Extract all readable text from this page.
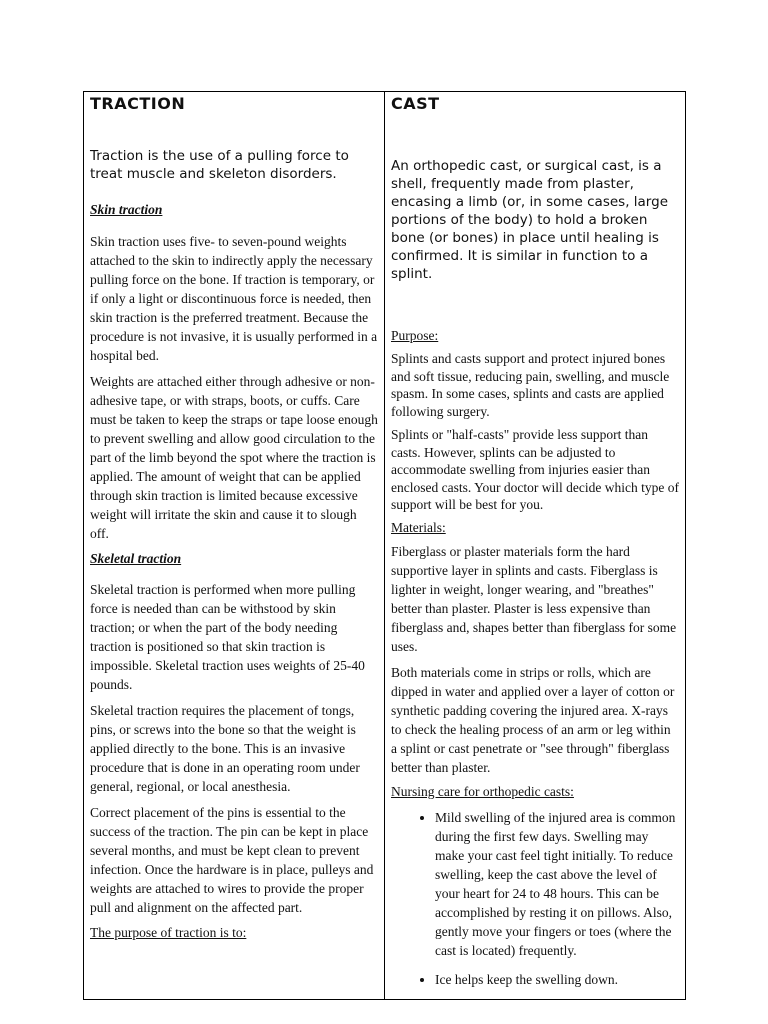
TRACTION

Traction is the use of a pulling force to treat muscle and skeleton disorders.

Skin traction

Skin traction uses five- to seven-pound weights attached to the skin to indirectly apply the necessary pulling force on the bone. If traction is temporary, or if only a light or discontinuous force is needed, then skin traction is the preferred treatment. Because the procedure is not invasive, it is usually performed in a hospital bed.

Weights are attached either through adhesive or non-adhesive tape, or with straps, boots, or cuffs. Care must be taken to keep the straps or tape loose enough to prevent swelling and allow good circulation to the part of the limb beyond the spot where the traction is applied. The amount of weight that can be applied through skin traction is limited because excessive weight will irritate the skin and cause it to slough off.

Skeletal traction

Skeletal traction is performed when more pulling force is needed than can be withstood by skin traction; or when the part of the body needing traction is positioned so that skin traction is impossible. Skeletal traction uses weights of 25-40 pounds.

Skeletal traction requires the placement of tongs, pins, or screws into the bone so that the weight is applied directly to the bone. This is an invasive procedure that is done in an operating room under general, regional, or local anesthesia.

Correct placement of the pins is essential to the success of the traction. The pin can be kept in place several months, and must be kept clean to prevent infection. Once the hardware is in place, pulleys and weights are attached to wires to provide the proper pull and alignment on the affected part.

The purpose of traction is to:

CAST

An orthopedic cast, or surgical cast, is a shell, frequently made from plaster, encasing a limb (or, in some cases, large portions of the body) to hold a broken bone (or bones) in place until healing is confirmed. It is similar in function to a splint.

Purpose:

Splints and casts support and protect injured bones and soft tissue, reducing pain, swelling, and muscle spasm. In some cases, splints and casts are applied following surgery.

Splints or "half-casts" provide less support than casts. However, splints can be adjusted to accommodate swelling from injuries easier than enclosed casts. Your doctor will decide which type of support will be best for you.

Materials:

Fiberglass or plaster materials form the hard supportive layer in splints and casts. Fiberglass is lighter in weight, longer wearing, and "breathes" better than plaster. Plaster is less expensive than fiberglass and, shapes better than fiberglass for some uses.

Both materials come in strips or rolls, which are dipped in water and applied over a layer of cotton or synthetic padding covering the injured area. X-rays to check the healing process of an arm or leg within a splint or cast penetrate or "see through" fiberglass better than plaster.

Nursing care for orthopedic casts:

• Mild swelling of the injured area is common during the first few days. Swelling may make your cast feel tight initially. To reduce swelling, keep the cast above the level of your heart for 24 to 48 hours. This can be accomplished by resting it on pillows. Also, gently move your fingers or toes (where the cast is located) frequently.
• Ice helps keep the swelling down.
